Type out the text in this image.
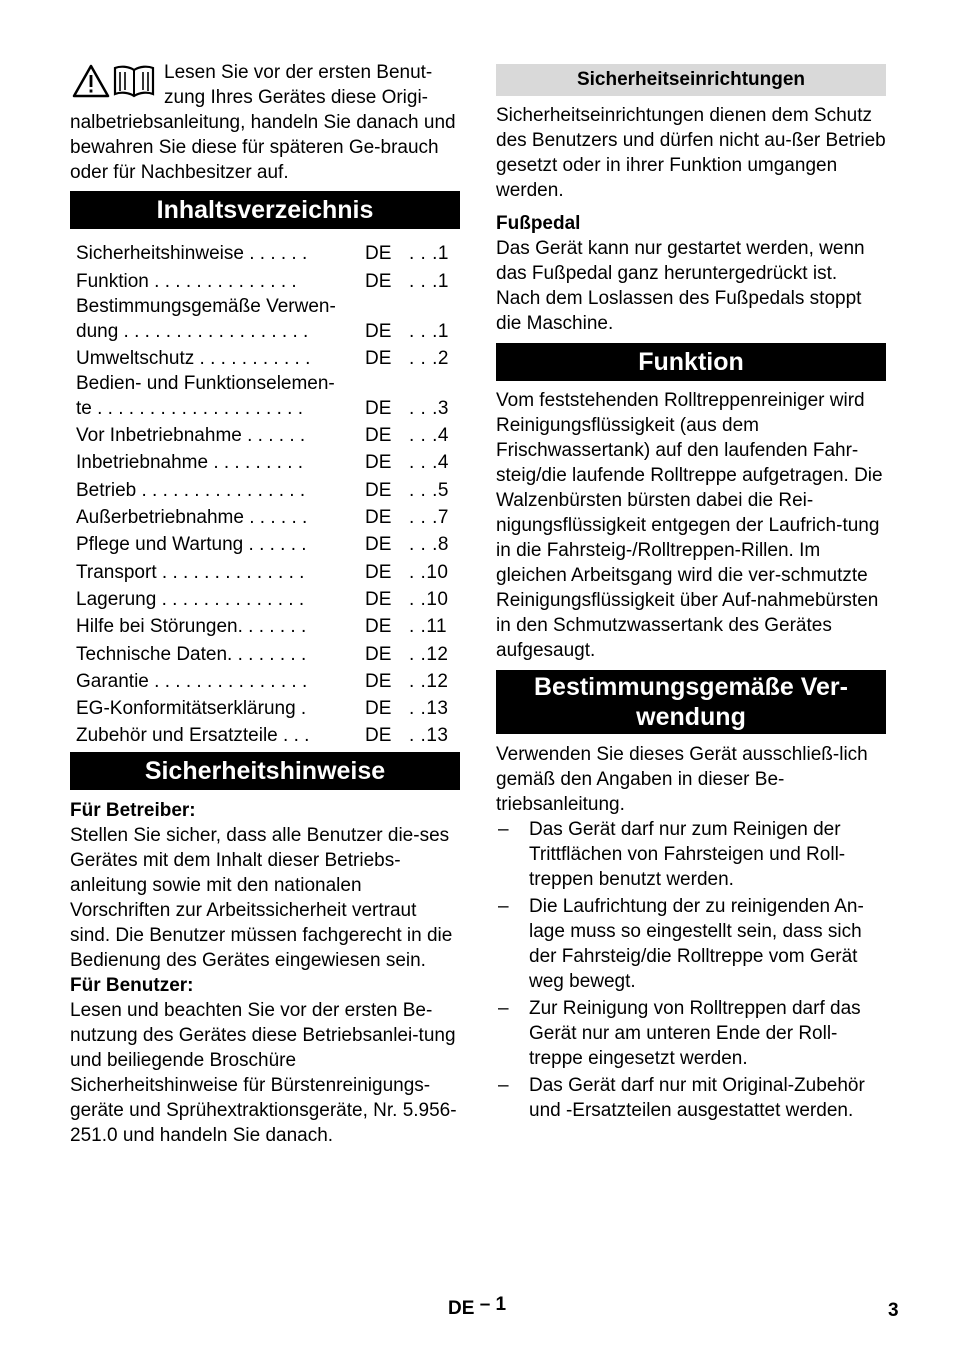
Lesen Sie vor der ersten Benut- zung Ihres Gerätes diese Origi-nalbetriebsanleitung, handeln Sie danach und bewahren Sie diese für späteren Ge-brauch oder für Nachbesitzer auf.

Inhaltsverzeichnis
Sicherheitshinweise . . . . . .	DE . . .1
Funktion . . . . . . . . . . . . . .	DE . . .1
Bestimmungsgemäße Verwen-
dung . . . . . . . . . . . . . . . . . .	DE . . .1
Umweltschutz . . . . . . . . . . .	DE . . .2
Bedien- und Funktionselemen-
te . . . . . . . . . . . . . . . . . . . .	DE . . .3
Vor Inbetriebnahme . . . . . .	DE . . .4
Inbetriebnahme . . . . . . . . .	DE . . .4
Betrieb . . . . . . . . . . . . . . . .	DE . . .5
Außerbetriebnahme . . . . . .	DE . . .7
Pflege und Wartung . . . . . .	DE . . .8
Transport . . . . . . . . . . . . . .	DE . .10
Lagerung . . . . . . . . . . . . . .	DE . .10
Hilfe bei Störungen. . . . . . .	DE . .11
Technische Daten. . . . . . . .	DE . .12
Garantie . . . . . . . . . . . . . . .	DE . .12
EG-Konformitätserklärung .	DE . .13
Zubehör und Ersatzteile . . .	DE . .13
Sicherheitshinweise

Für Betreiber:

Stellen Sie sicher, dass alle Benutzer die-ses Gerätes mit dem Inhalt dieser Betriebs-anleitung sowie mit den nationalen Vorschriften zur Arbeitssicherheit vertraut sind. Die Benutzer müssen fachgerecht in die Bedienung des Gerätes eingewiesen sein.

Für Benutzer:

Lesen und beachten Sie vor der ersten Be-nutzung des Gerätes diese Betriebsanlei-tung und beiliegende Broschüre Sicherheitshinweise für Bürstenreinigungs-geräte und Sprühextraktionsgeräte, Nr. 5.956-251.0 und handeln Sie danach.

Sicherheitseinrichtungen

Sicherheitseinrichtungen dienen dem Schutz des Benutzers und dürfen nicht au-ßer Betrieb gesetzt oder in ihrer Funktion umgangen werden.

Fußpedal

Das Gerät kann nur gestartet werden, wenn das Fußpedal ganz heruntergedrückt ist. Nach dem Loslassen des Fußpedals stoppt die Maschine.

Funktion

Vom feststehenden Rolltreppenreiniger wird Reinigungsflüssigkeit (aus dem Frischwassertank) auf den laufenden Fahr-steig/die laufende Rolltreppe aufgetragen. Die Walzenbürsten bürsten dabei die Rei-nigungsflüssigkeit entgegen der Laufrich-tung in die Fahrsteig-/Rolltreppen-Rillen. Im gleichen Arbeitsgang wird die ver-schmutzte Reinigungsflüssigkeit über Auf-nahmebürsten in den Schmutzwassertank des Gerätes aufgesaugt.

Bestimmungsgemäße Ver-wendung

Verwenden Sie dieses Gerät ausschließ-lich gemäß den Angaben in dieser Be-triebsanleitung.

– Das Gerät darf nur zum Reinigen der Trittflächen von Fahrsteigen und Roll-treppen benutzt werden.
– Die Laufrichtung der zu reinigenden An-lage muss so eingestellt sein, dass sich der Fahrsteig/die Rolltreppe vom Gerät weg bewegt.
– Zur Reinigung von Rolltreppen darf das Gerät nur am unteren Ende der Roll-treppe eingesetzt werden.
– Das Gerät darf nur mit Original-Zubehör und -Ersatzteilen ausgestattet werden.
DE – 1	3
